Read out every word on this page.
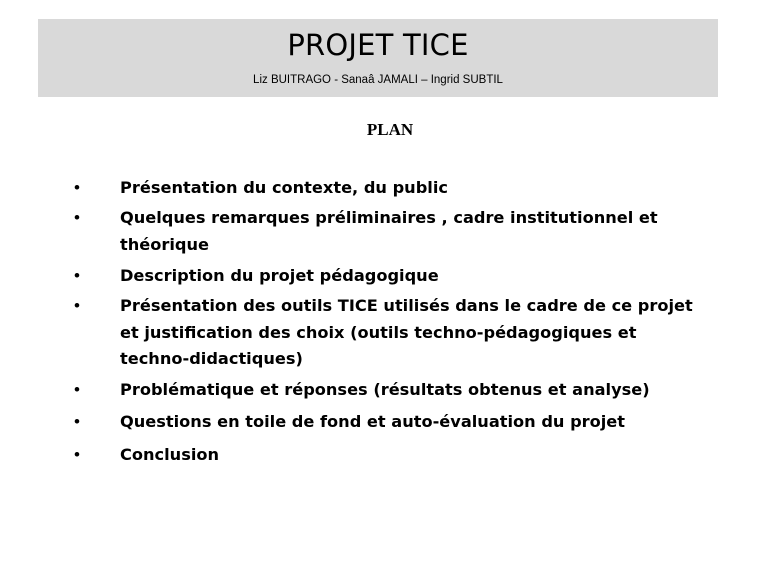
PROJET TICE
Liz BUITRAGO - Sanaâ JAMALI – Ingrid SUBTIL
PLAN
• Présentation du contexte, du public
• Quelques remarques préliminaires , cadre institutionnel et
théorique
• Description du projet pédagogique
• Présentation des outils TICE utilisés dans le cadre de ce projet
et justification des choix (outils techno-pédagogiques et
techno-didactiques)
• Problématique et réponses (résultats obtenus et analyse)
• Questions en toile de fond et auto-évaluation du projet
• Conclusion
